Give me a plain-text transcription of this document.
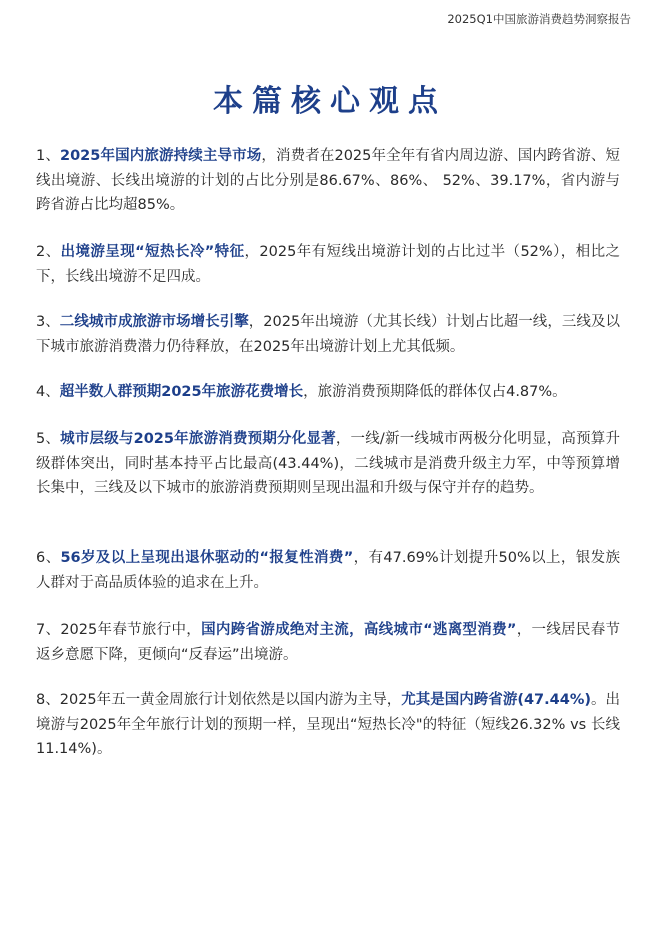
2025Q1中国旅游消费趋势洞察报告
本篇核心观点

1、2025年国内旅游持续主导市场，消费者在2025年全年有省内周边游、国内跨省游、短线出境游、长线出境游的计划的占比分别是86.67%、86%、 52%、39.17%，省内游与跨省游占比均超85%。

2、出境游呈现“短热长冷”特征，2025年有短线出境游计划的占比过半（52%），相比之下，长线出境游不足四成。

3、二线城市成旅游市场增长引擎，2025年出境游（尤其长线）计划占比超一线，三线及以下城市旅游消费潜力仍待释放，在2025年出境游计划上尤其低频。

4、超半数人群预期2025年旅游花费增长，旅游消费预期降低的群体仅占4.87%。

5、城市层级与2025年旅游消费预期分化显著，一线/新一线城市两极分化明显，高预算升级群体突出，同时基本持平占比最高(43.44%)，二线城市是消费升级主力军，中等预算增长集中，三线及以下城市的旅游消费预期则呈现出温和升级与保守并存的趋势。

6、56岁及以上呈现出退休驱动的“报复性消费”，有47.69%计划提升50%以上，银发族人群对于高品质体验的追求在上升。

7、2025年春节旅行中，国内跨省游成绝对主流，高线城市“逃离型消费”，一线居民春节返乡意愿下降，更倾向“反春运”出境游。

8、2025年五一黄金周旅行计划依然是以国内游为主导，尤其是国内跨省游(47.44%)。出境游与2025年全年旅行计划的预期一样，呈现出“短热长冷"的特征（短线26.32% vs 长线11.14%)。
